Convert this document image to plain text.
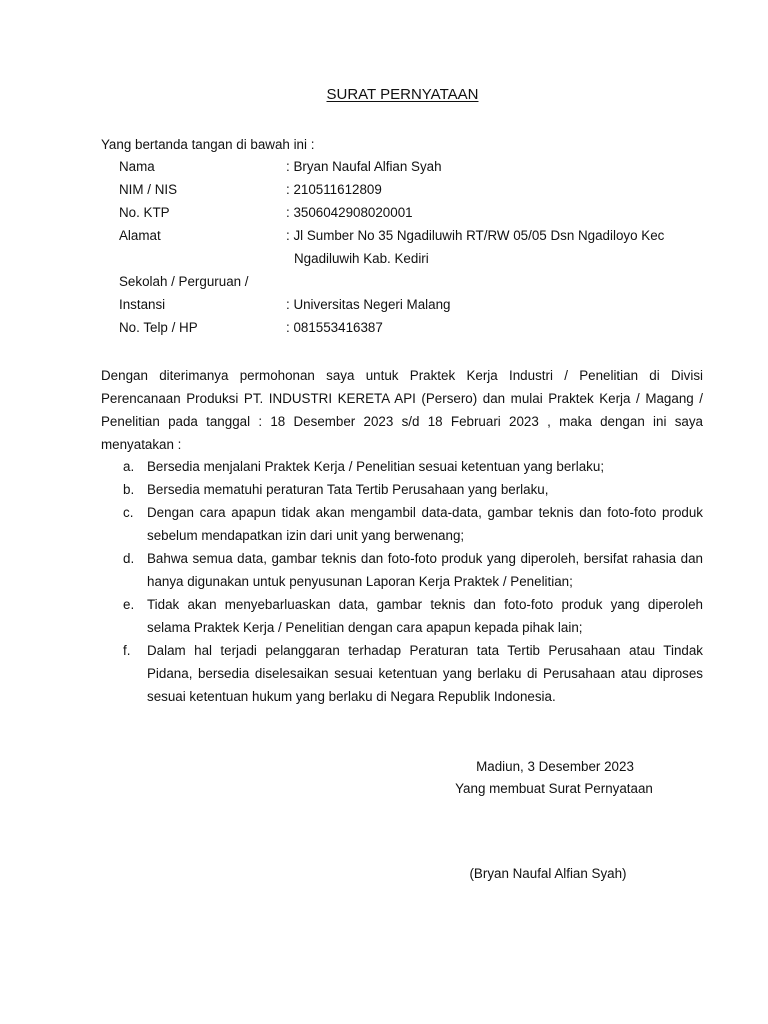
SURAT PERNYATAAN
Yang bertanda tangan di bawah ini :
Nama	: Bryan Naufal Alfian Syah
NIM / NIS	: 210511612809
No. KTP	: 3506042908020001
Alamat	: Jl Sumber No 35 Ngadiluwih RT/RW 05/05 Dsn Ngadiloyo Kec Ngadiluwih Kab. Kediri
Sekolah / Perguruan /
Instansi	: Universitas Negeri Malang
No. Telp / HP	: 081553416387
Dengan diterimanya permohonan saya untuk Praktek Kerja Industri / Penelitian di Divisi Perencanaan Produksi PT. INDUSTRI KERETA API (Persero) dan mulai Praktek Kerja / Magang / Penelitian pada tanggal : 18 Desember 2023 s/d 18 Februari 2023 , maka dengan ini saya menyatakan :
a. Bersedia menjalani Praktek Kerja / Penelitian sesuai ketentuan yang berlaku;
b. Bersedia mematuhi peraturan Tata Tertib Perusahaan yang berlaku,
c. Dengan cara apapun tidak akan mengambil data-data, gambar teknis dan foto-foto produk sebelum mendapatkan izin dari unit yang berwenang;
d. Bahwa semua data, gambar teknis dan foto-foto produk yang diperoleh, bersifat rahasia dan hanya digunakan untuk penyusunan Laporan Kerja Praktek / Penelitian;
e. Tidak akan menyebarluaskan data, gambar teknis dan foto-foto produk yang diperoleh selama Praktek Kerja / Penelitian dengan cara apapun kepada pihak lain;
f. Dalam hal terjadi pelanggaran terhadap Peraturan tata Tertib Perusahaan atau Tindak Pidana, bersedia diselesaikan sesuai ketentuan yang berlaku di Perusahaan atau diproses sesuai ketentuan hukum yang berlaku di Negara Republik Indonesia.
Madiun, 3 Desember 2023
Yang membuat Surat Pernyataan
(Bryan Naufal Alfian Syah)
